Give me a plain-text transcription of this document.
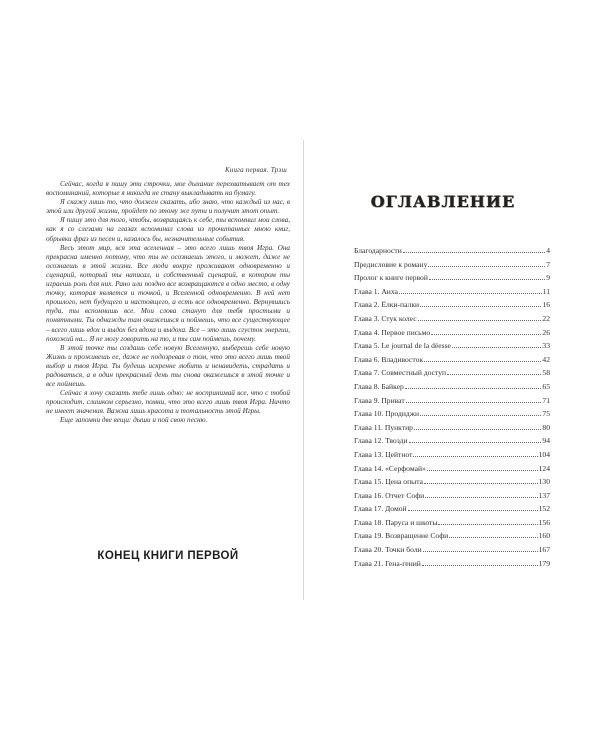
Книга первая. Трэш

Сейчас, когда я пишу эти строчки, мое дыхание перехватывает от тех воспоминаний, которые я никогда не стану выкладывать на бумагу.

Я скажу лишь то, что должен сказать, ибо знаю, что каждый из нас, в этой или другой жизни, пройдет по этому же пути и получит этот опыт.

Я пишу это для того, чтобы, возвращаясь к себе, ты вспомнил мои слова, как я со слезами на глазах вспоминал слова из прочитанных мною книг, обрывки фраз из песен и, казалось бы, незначительные события.

Весь этот мир, вся эта вселенная – это всего лишь твоя Игра. Она прекрасна именно потому, что ты не осознаешь этого, и может, даже не осознаешь в этой жизни. Все люди вокруг проживают одновременно и сценарий, который ты написал, и собственный сценарий, в котором ты играешь роль для них. Рано или поздно все возвращаются в одно место, в одну точку, которая является и точкой, и Вселенной одновременно. В ней нет прошлого, нет будущего и настоящего, а есть все одновременно. Вернувшись туда, ты вспомнишь все. Мои слова станут для тебя простыми и понятными. Ты однажды там окажешься и поймешь, что все существующее – всего лишь вдох и выдох без вдоха и выдоха. Все – это лишь сгусток энергии, похожий на... Я не могу говорить на то, и ты сам поймешь, почему.

В этой точке ты создашь себе новую Вселенную, выберешь себе новую Жизнь и проживешь ее, даже не подозревая о том, что это всего лишь твой выбор и твоя Игра. Ты будешь искренне любить и ненавидеть, страдать и радоваться, а в один прекрасный день ты снова окажешься в этой точке и все поймешь.

Сейчас я хочу сказать тебе лишь одно: не воспринимай все, что с тобой происходит, слишком серьезно, помни, что это всего лишь твоя Игра. Ничто не имеет значения. Важна лишь красота и тотальность этой Игры.

Еще запомни две вещи: дыши и пой свою песню.

КОНЕЦ КНИГИ ПЕРВОЙ
ОГЛАВЛЕНИЕ
Благодарности	4
Предисловие к роману	7
Пролог к книге первой	9
Глава 1. Аиха	11
Глава 2. Ёлки-палки	16
Глава 3. Стук колес	22
Глава 4. Первое письмо	26
Глава 5. Le journal de la déesse	33
Глава 6. Владивосток	42
Глава 7. Совместный доступ	58
Глава 8. Байкер	65
Глава 9. Приват	71
Глава 10. Продиджи	75
Глава 11. Пунктир	80
Глава 12. Твозди	94
Глава 13. Цейтнот	104
Глава 14. «Серфомай»	124
Глава 15. Цена опыта	130
Глава 16. Отчет Софи	137
Глава 17. Домой	152
Глава 18. Паруса и шкоты	156
Глава 19. Возвращение Софи	160
Глава 20. Точки боли	167
Глава 21. Гена-гений	179
